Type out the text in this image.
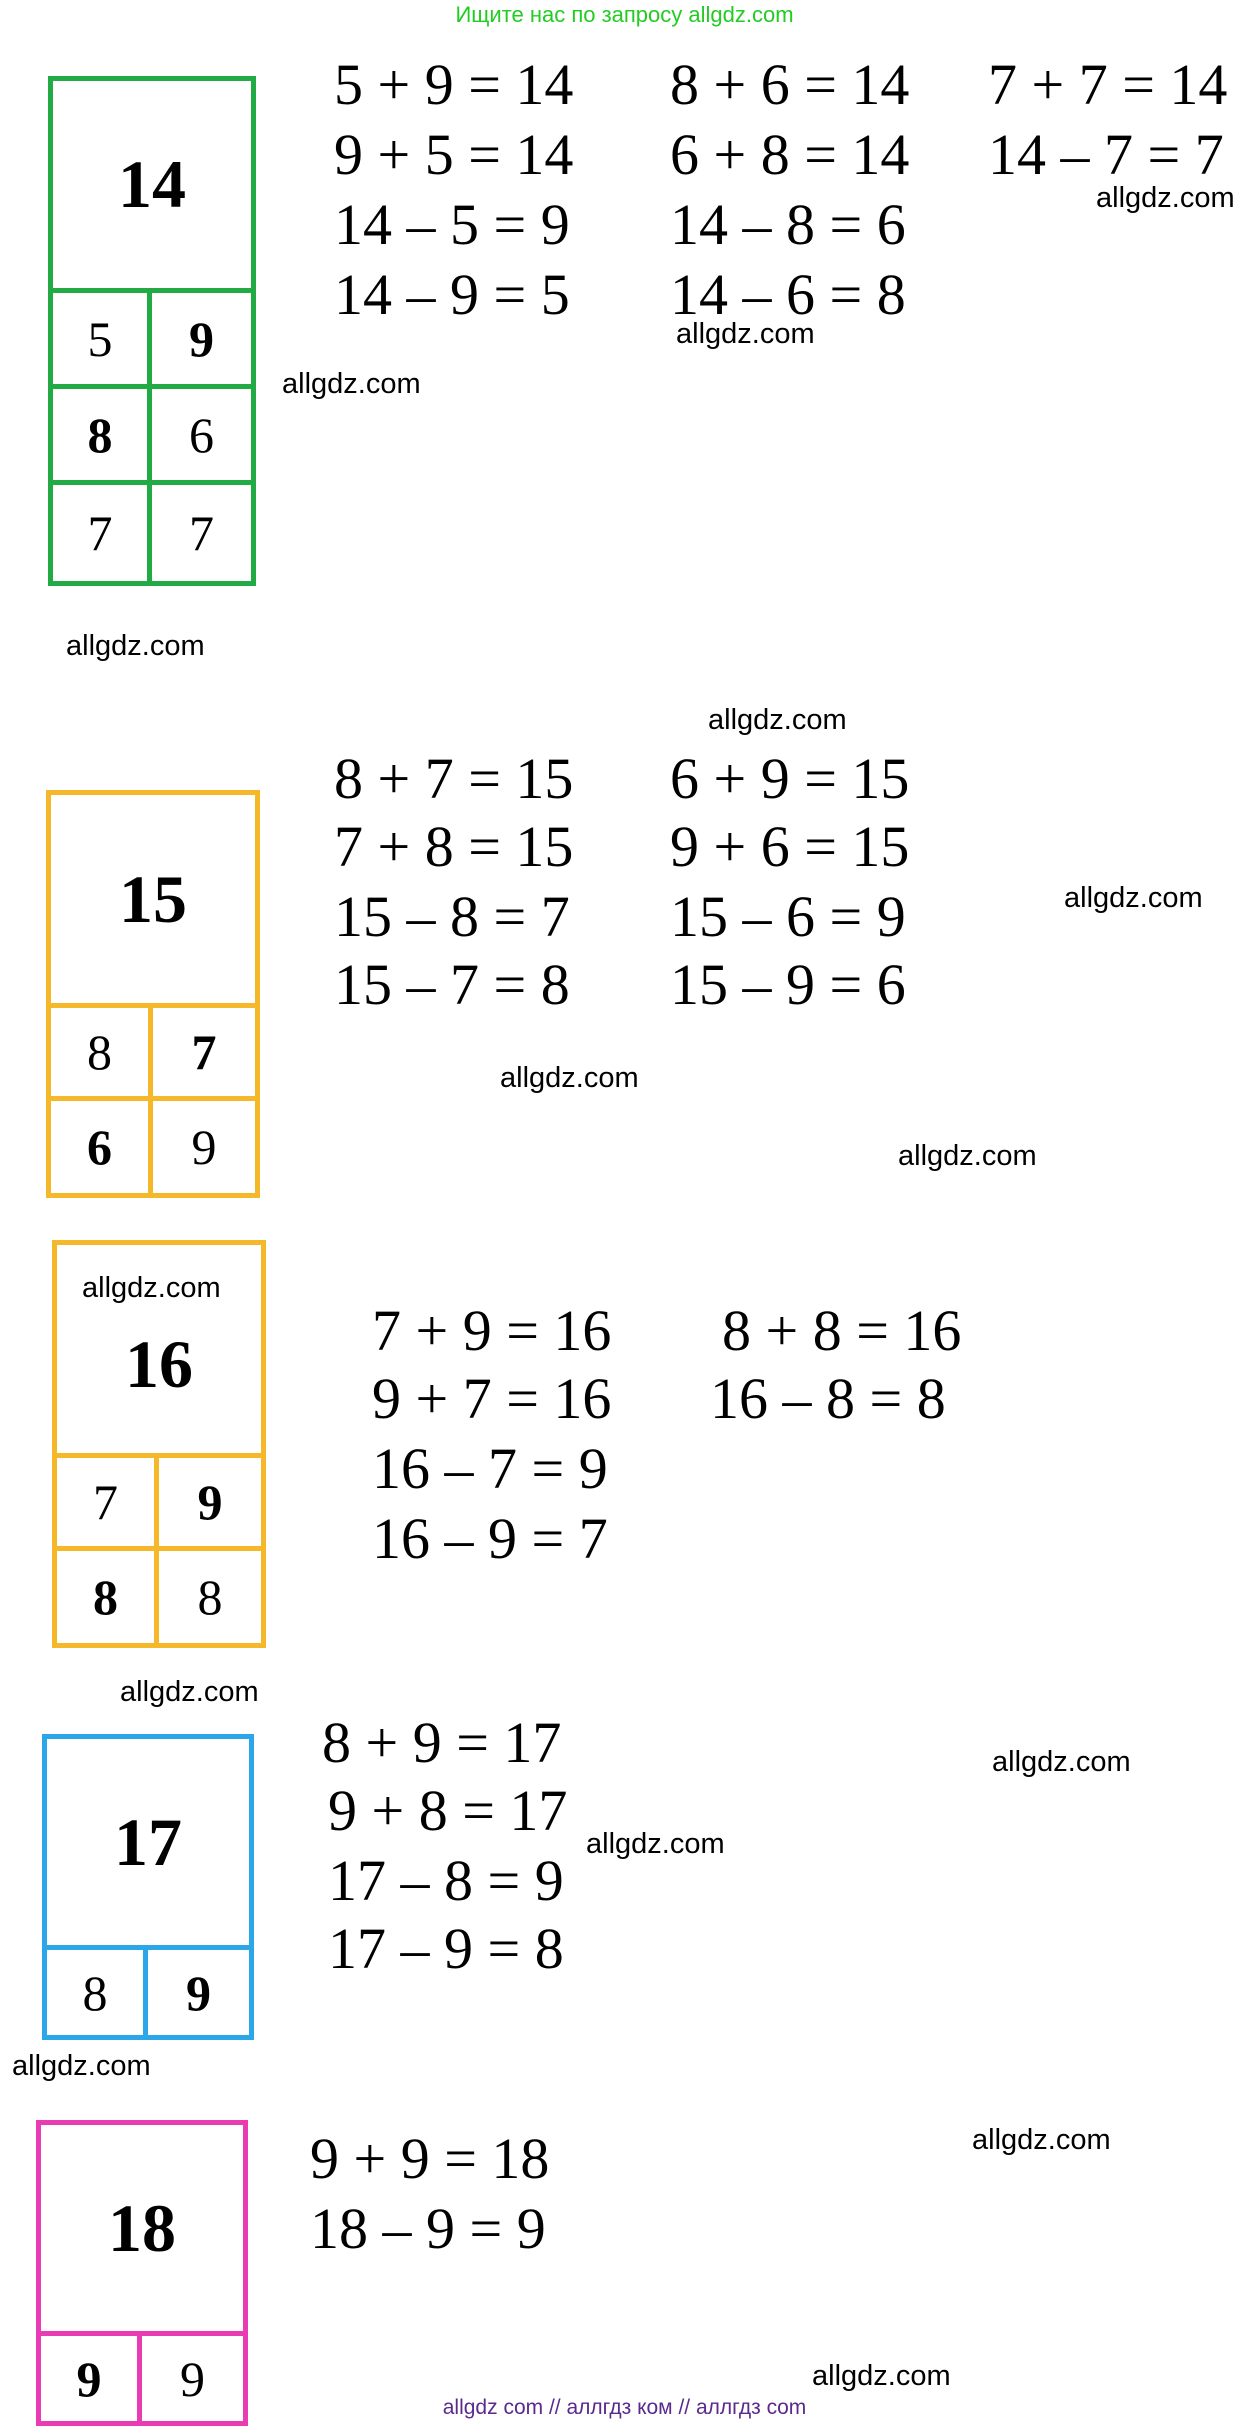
Ищите нас по запросу allgdz.com
14
5	9
8	6
7	7
5 + 9 = 14
9 + 5 = 14
14 – 5 = 9
14 – 9 = 5
8 + 6 = 14
6 + 8 = 14
14 – 8 = 6
14 – 6 = 8
7 + 7 = 14
14 – 7 = 7
15
8	7
6	9
8 + 7 = 15
7 + 8 = 15
15 – 8 = 7
15 – 7 = 8
6 + 9 = 15
9 + 6 = 15
15 – 6 = 9
15 – 9 = 6
16
7	9
8	8
7 + 9 = 16
9 + 7 = 16
16 – 7 = 9
16 – 9 = 7
8 + 8 = 16
16 – 8 = 8
17
8	9
8 + 9 = 17
9 + 8 = 17
17 – 8 = 9
17 – 9 = 8
18
9	9
9 + 9 = 18
18 – 9 = 9
allgdz.com
allgdz.com
allgdz.com
allgdz.com
allgdz.com
allgdz.com
allgdz.com
allgdz.com
allgdz.com
allgdz.com
allgdz.com
allgdz.com
allgdz.com
allgdz.com
allgdz.com
allgdz com // аллгдз ком // аллгдз com
